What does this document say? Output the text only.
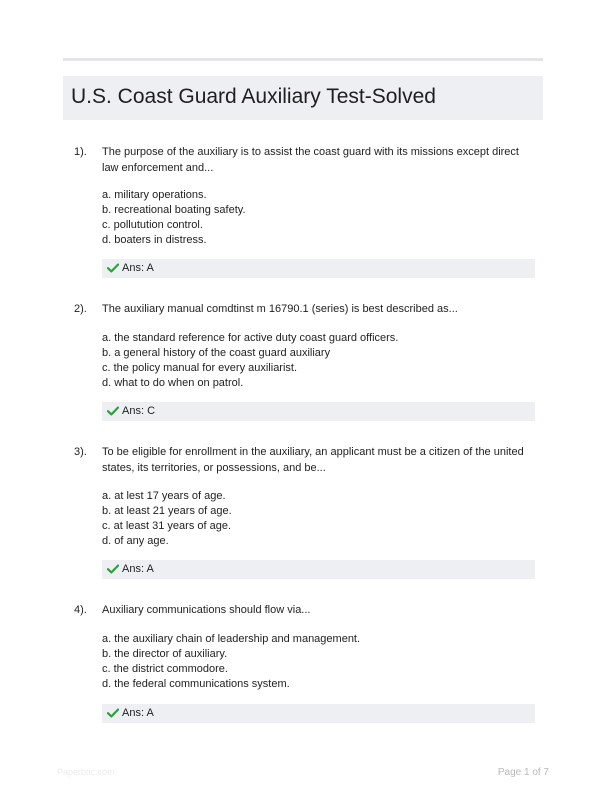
U.S. Coast Guard Auxiliary Test-Solved
1). The purpose of the auxiliary is to assist the coast guard with its missions except direct law enforcement and...
a. military operations.
b. recreational boating safety.
c. pollutution control.
d. boaters in distress.
Ans: A
2). The auxiliary manual comdtinst m 16790.1 (series) is best described as...
a. the standard reference for active duty coast guard officers.
b. a general history of the coast guard auxiliary
c. the policy manual for every auxiliarist.
d. what to do when on patrol.
Ans: C
3). To be eligible for enrollment in the auxiliary, an applicant must be a citizen of the united states, its territories, or possessions, and be...
a. at lest 17 years of age.
b. at least 21 years of age.
c. at least 31 years of age.
d. of any age.
Ans: A
4). Auxiliary communications should flow via...
a. the auxiliary chain of leadership and management.
b. the director of auxiliary.
c. the district commodore.
d. the federal communications system.
Ans: A
Paperbtic.com	Page 1 of 7
